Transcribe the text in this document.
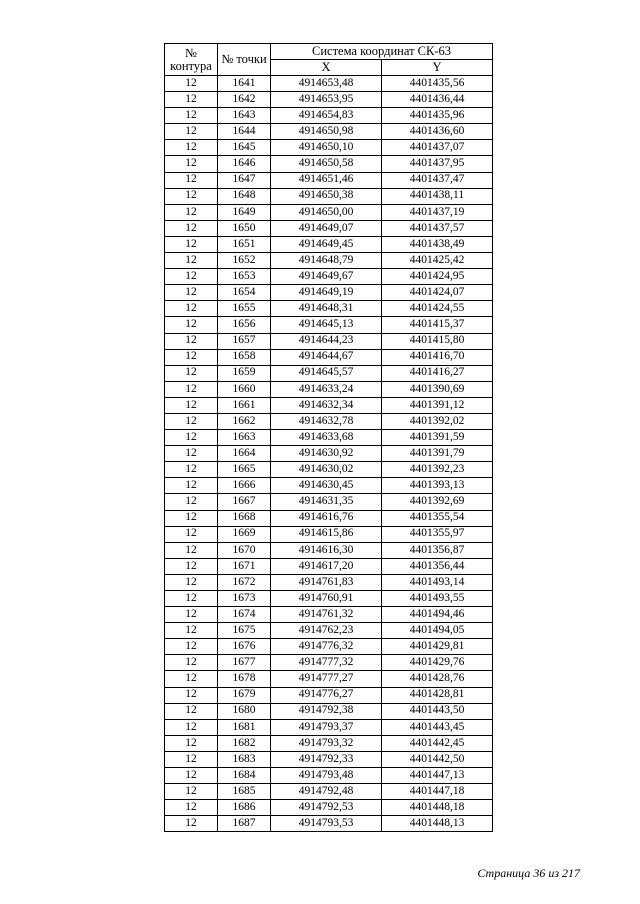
№
контура	№ точки	Система координат СК-63	
		X	Y
12	1641	4914653,48	4401435,56
12	1642	4914653,95	4401436,44
12	1643	4914654,83	4401435,96
12	1644	4914650,98	4401436,60
12	1645	4914650,10	4401437,07
12	1646	4914650,58	4401437,95
12	1647	4914651,46	4401437,47
12	1648	4914650,38	4401438,11
12	1649	4914650,00	4401437,19
12	1650	4914649,07	4401437,57
12	1651	4914649,45	4401438,49
12	1652	4914648,79	4401425,42
12	1653	4914649,67	4401424,95
12	1654	4914649,19	4401424,07
12	1655	4914648,31	4401424,55
12	1656	4914645,13	4401415,37
12	1657	4914644,23	4401415,80
12	1658	4914644,67	4401416,70
12	1659	4914645,57	4401416,27
12	1660	4914633,24	4401390,69
12	1661	4914632,34	4401391,12
12	1662	4914632,78	4401392,02
12	1663	4914633,68	4401391,59
12	1664	4914630,92	4401391,79
12	1665	4914630,02	4401392,23
12	1666	4914630,45	4401393,13
12	1667	4914631,35	4401392,69
12	1668	4914616,76	4401355,54
12	1669	4914615,86	4401355,97
12	1670	4914616,30	4401356,87
12	1671	4914617,20	4401356,44
12	1672	4914761,83	4401493,14
12	1673	4914760,91	4401493,55
12	1674	4914761,32	4401494,46
12	1675	4914762,23	4401494,05
12	1676	4914776,32	4401429,81
12	1677	4914777,32	4401429,76
12	1678	4914777,27	4401428,76
12	1679	4914776,27	4401428,81
12	1680	4914792,38	4401443,50
12	1681	4914793,37	4401443,45
12	1682	4914793,32	4401442,45
12	1683	4914792,33	4401442,50
12	1684	4914793,48	4401447,13
12	1685	4914792,48	4401447,18
12	1686	4914792,53	4401448,18
12	1687	4914793,53	4401448,13
Страница 36 из 217
